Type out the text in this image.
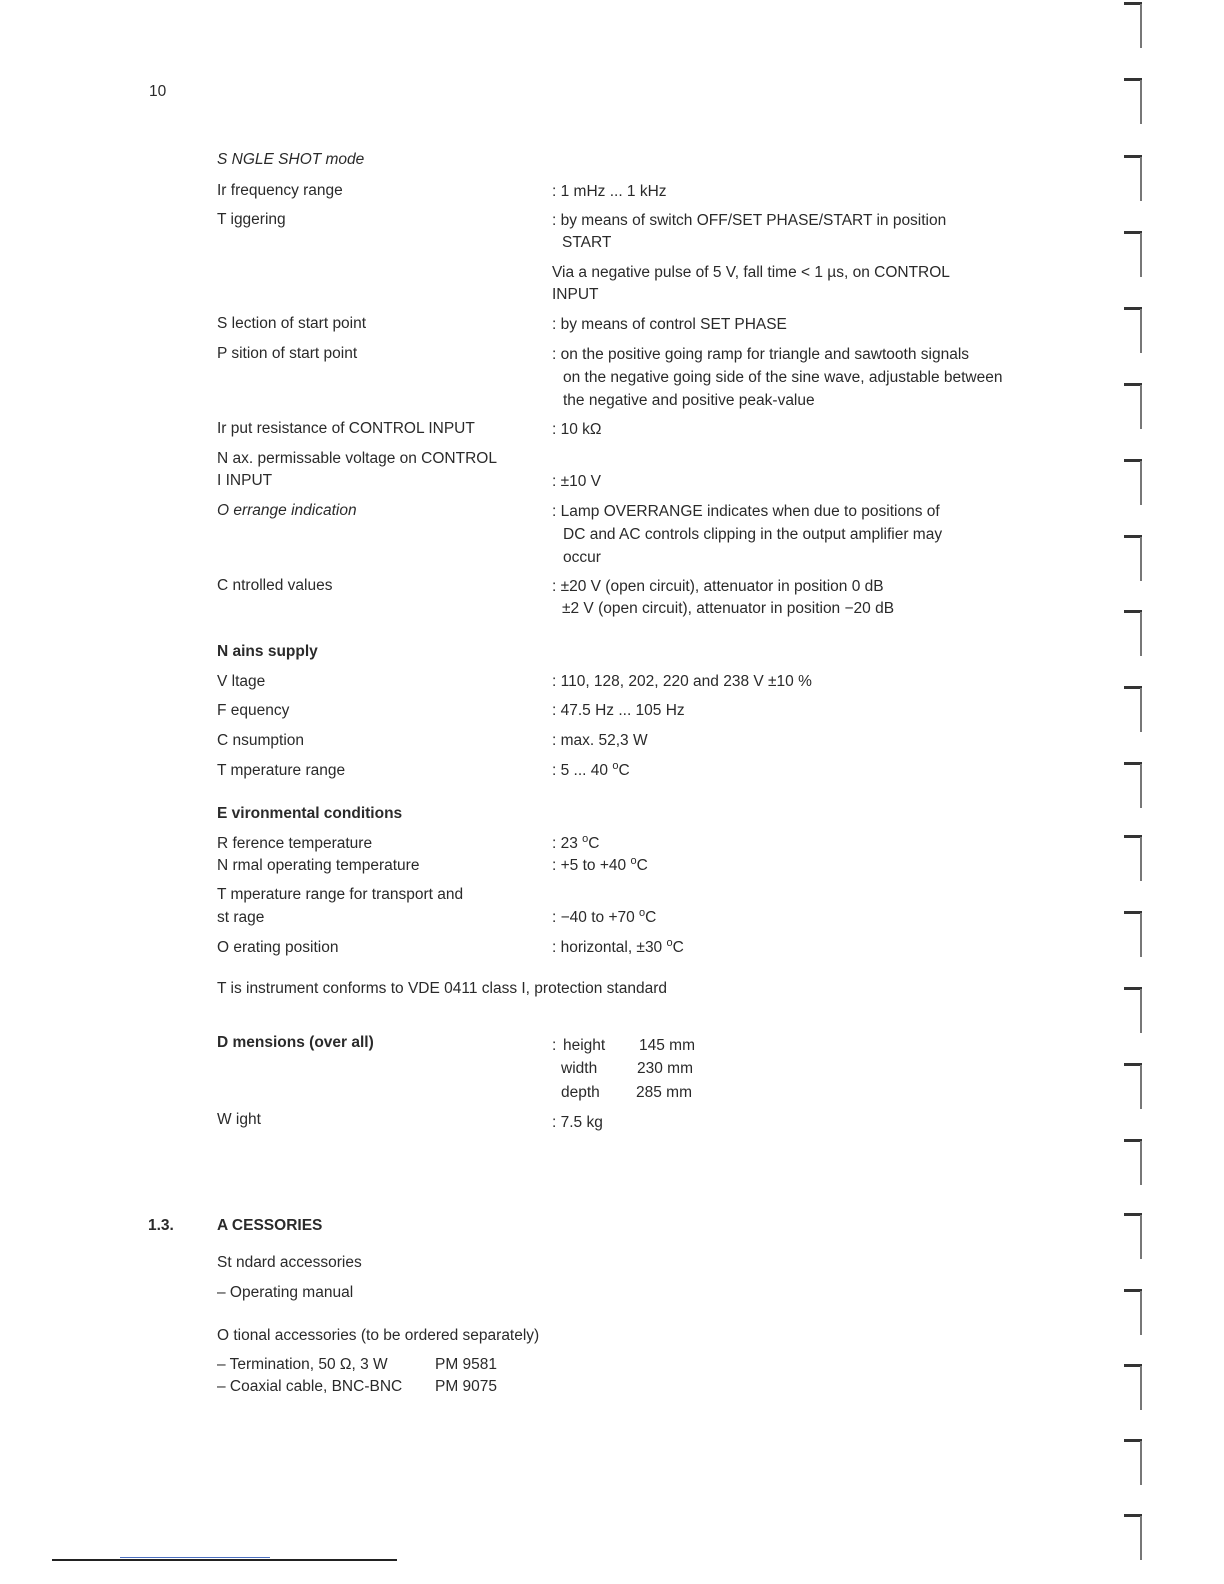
10
S NGLE SHOT mode
Ir frequency range	: 1 mHz ... 1 kHz
T iggering	: by means of switch OFF/SET PHASE/START in position
START
Via a negative pulse of 5 V, fall time < 1 µs, on CONTROL
INPUT
S lection of start point	: by means of control SET PHASE
P sition of start point	: on the positive going ramp for triangle and sawtooth signals
on the negative going side of the sine wave, adjustable between
the negative and positive peak-value
Ir put resistance of CONTROL INPUT	: 10 kΩ
N ax. permissable voltage on CONTROL
I INPUT	: ±10 V
O errange indication	: Lamp OVERRANGE indicates when due to positions of
DC and AC controls clipping in the output amplifier may
occur
C ntrolled values	: ±20 V (open circuit), attenuator in position 0 dB
±2 V (open circuit), attenuator in position −20 dB
N ains supply
V ltage	: 110, 128, 202, 220 and 238 V ±10 %
F equency	: 47.5 Hz ... 105 Hz
C nsumption	: max. 52,3 W
T mperature range	: 5 ... 40 $^o$C
E vironmental conditions
R ference temperature	: 23 $^o$C
N rmal operating temperature	: +5 to +40 $^o$C
T mperature range for transport and
st rage	: −40 to +70 $^o$C
O erating position	: horizontal, ±30 $^o$C
T is instrument conforms to VDE 0411 class I, protection standard
D mensions (over all)	: height 145 mm
width	230 mm
depth 285 mm
W ight	: 7.5 kg
1.3.	A CESSORIES
St ndard accessories
– Operating manual
O tional accessories (to be ordered separately)
– Termination, 50 Ω, 3 W	PM 9581
– Coaxial cable, BNC-BNC PM 9075
